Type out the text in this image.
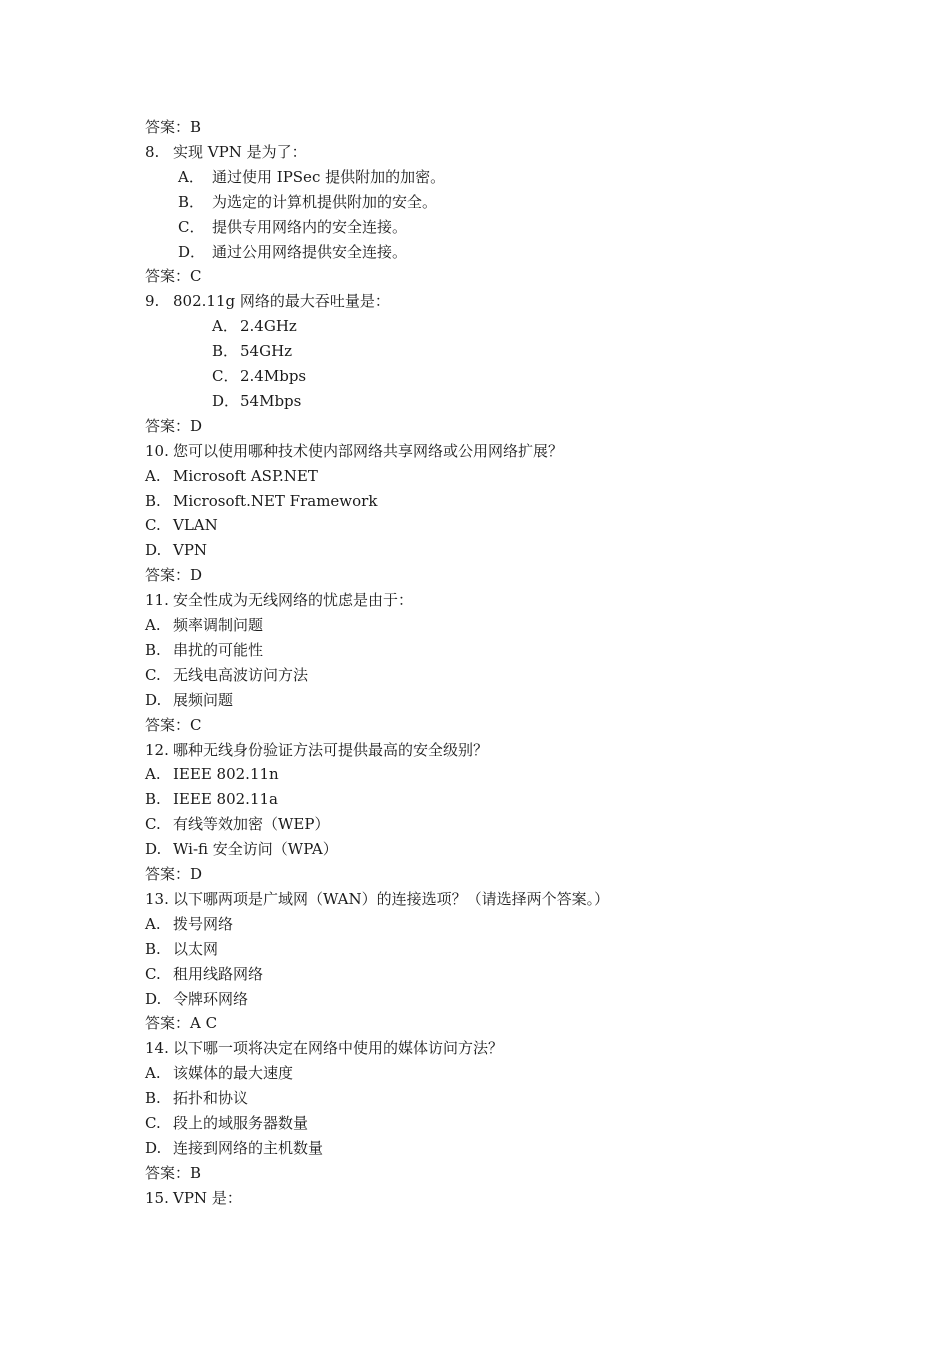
答案：B
8. 实现 VPN 是为了：
A． 通过使用 IPSec 提供附加的加密。
B． 为选定的计算机提供附加的安全。
C． 提供专用网络内的安全连接。
D． 通过公用网络提供安全连接。
答案：C
9. 802.11g 网络的最大吞吐量是：
A． 2.4GHz
B． 54GHz
C． 2.4Mbps
D．54Mbps
答案：D
10. 您可以使用哪种技术使内部网络共享网络或公用网络扩展？
A. Microsoft ASP.NET
B. Microsoft.NET Framework
C. VLAN
D. VPN
答案：D
11. 安全性成为无线网络的忧虑是由于：
A. 频率调制问题
B. 串扰的可能性
C. 无线电高波访问方法
D. 展频问题
答案：C
12. 哪种无线身份验证方法可提供最高的安全级别？
A. IEEE 802.11n
B. IEEE 802.11a
C. 有线等效加密（WEP）
D. Wi-fi 安全访问（WPA）
答案：D
13. 以下哪两项是广域网（WAN）的连接选项？（请选择两个答案。）
A. 拨号网络
B. 以太网
C. 租用线路网络
D. 令牌环网络
答案：A C
14. 以下哪一项将决定在网络中使用的媒体访问方法？
A. 该媒体的最大速度
B. 拓扑和协议
C. 段上的域服务器数量
D. 连接到网络的主机数量
答案：B
15. VPN 是：
